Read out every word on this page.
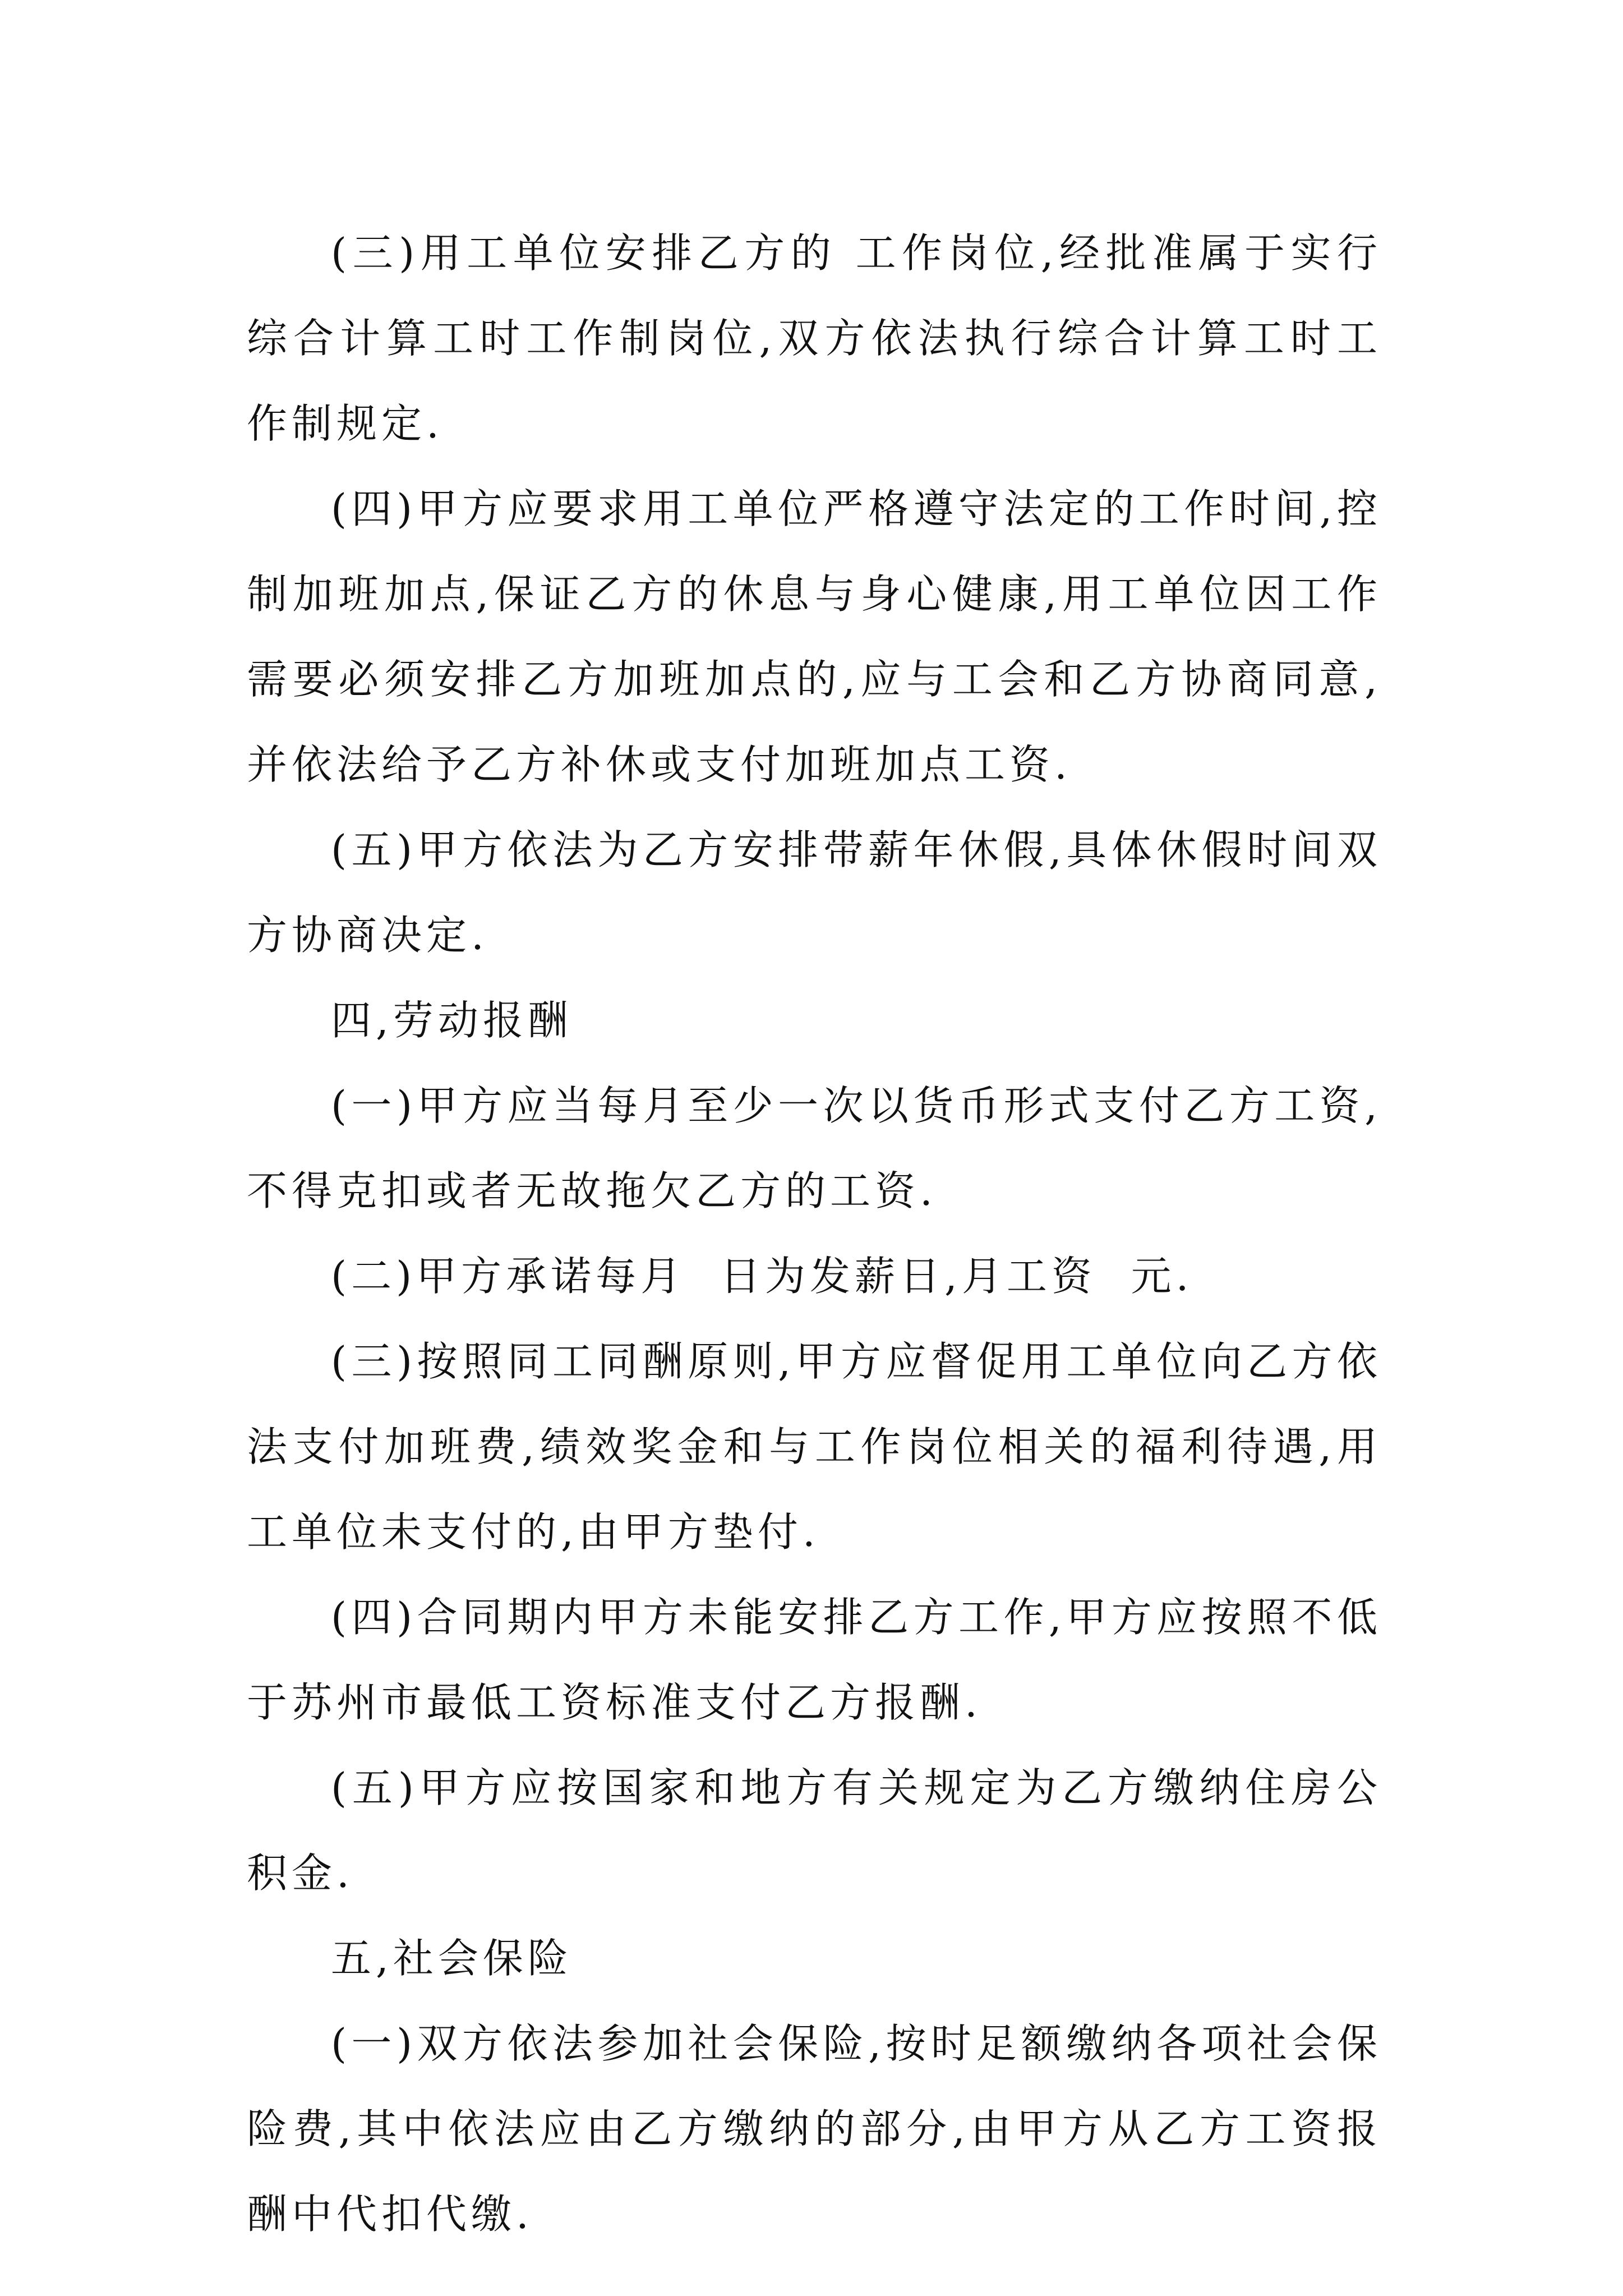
(三)用工单位安排乙方的 工作岗位,经批准属于实行综合计算工时工作制岗位,双方依法执行综合计算工时工作制规定.

(四)甲方应要求用工单位严格遵守法定的工作时间,控制加班加点,保证乙方的休息与身心健康,用工单位因工作需要必须安排乙方加班加点的,应与工会和乙方协商同意,并依法给予乙方补休或支付加班加点工资.

(五)甲方依法为乙方安排带薪年休假,具体休假时间双方协商决定.

四,劳动报酬

(一)甲方应当每月至少一次以货币形式支付乙方工资,不得克扣或者无故拖欠乙方的工资.

(二)甲方承诺每月  日为发薪日,月工资  元.

(三)按照同工同酬原则,甲方应督促用工单位向乙方依法支付加班费,绩效奖金和与工作岗位相关的福利待遇,用工单位未支付的,由甲方垫付.

(四)合同期内甲方未能安排乙方工作,甲方应按照不低于苏州市最低工资标准支付乙方报酬.

(五)甲方应按国家和地方有关规定为乙方缴纳住房公积金.

五,社会保险

(一)双方依法参加社会保险,按时足额缴纳各项社会保险费,其中依法应由乙方缴纳的部分,由甲方从乙方工资报酬中代扣代缴.
